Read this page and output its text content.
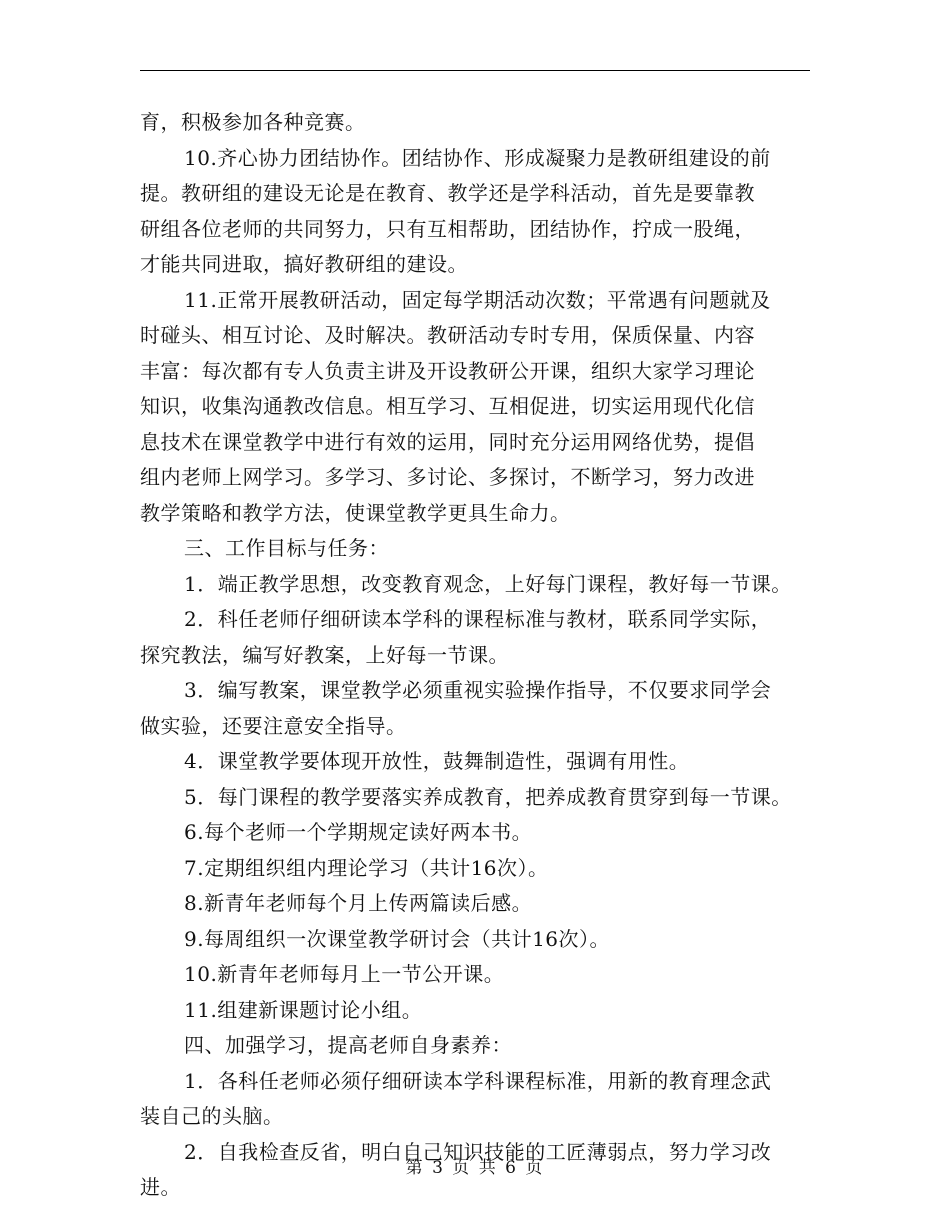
育，积极参加各种竞赛。
10.齐心协力团结协作。团结协作、形成凝聚力是教研组建设的前
提。教研组的建设无论是在教育、教学还是学科活动，首先是要靠教
研组各位老师的共同努力，只有互相帮助，团结协作，拧成一股绳，
才能共同进取，搞好教研组的建设。
11.正常开展教研活动，固定每学期活动次数；平常遇有问题就及
时碰头、相互讨论、及时解决。教研活动专时专用，保质保量、内容
丰富：每次都有专人负责主讲及开设教研公开课，组织大家学习理论
知识，收集沟通教改信息。相互学习、互相促进，切实运用现代化信
息技术在课堂教学中进行有效的运用，同时充分运用网络优势，提倡
组内老师上网学习。多学习、多讨论、多探讨，不断学习，努力改进
教学策略和教学方法，使课堂教学更具生命力。
三、工作目标与任务：
1．端正教学思想，改变教育观念，上好每门课程，教好每一节课。
2．科任老师仔细研读本学科的课程标准与教材，联系同学实际，
探究教法，编写好教案，上好每一节课。
3．编写教案，课堂教学必须重视实验操作指导，不仅要求同学会
做实验，还要注意安全指导。
4．课堂教学要体现开放性，鼓舞制造性，强调有用性。
5．每门课程的教学要落实养成教育，把养成教育贯穿到每一节课。
6.每个老师一个学期规定读好两本书。
7.定期组织组内理论学习（共计16次）。
8.新青年老师每个月上传两篇读后感。
9.每周组织一次课堂教学研讨会（共计16次）。
10.新青年老师每月上一节公开课。
11.组建新课题讨论小组。
四、加强学习，提高老师自身素养：
1．各科任老师必须仔细研读本学科课程标准，用新的教育理念武
装自己的头脑。
2．自我检查反省，明白自己知识技能的工匠薄弱点，努力学习改
进。
第 3 页 共 6 页
